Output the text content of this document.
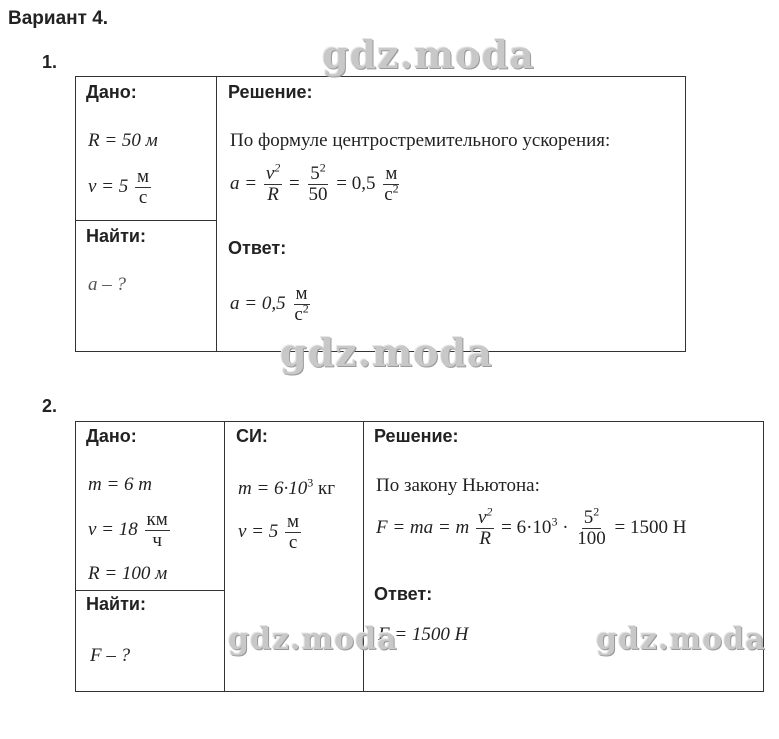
Вариант 4.
1.
Дано:
R = 50 м
$v = 5 \frac{м}{с}$
Найти:
a – ?
Решение:
По формуле центростремительного ускорения:
$a = \frac{v^2}{R} = \frac{5^2}{50} = 0,5 \frac{м}{с^2}$
Ответ:
$a = 0,5 \frac{м}{с^2}$
2.
Дано:
m = 6 т
$v = 18 \frac{км}{ч}$
R = 100 м
Найти:
F – ?
СИ:
$m = 6\cdot 10^3$ кг
$v = 5 \frac{м}{с}$
Решение:
По закону Ньютона:
F = ma = m $\frac{v^2}{R} = 6\cdot 10^3 \cdot \frac{5^2}{100} = 1500$ Н
Ответ:
F = 1500 Н
gdz.moda
gdz.moda
gdz.moda	gdz.moda
